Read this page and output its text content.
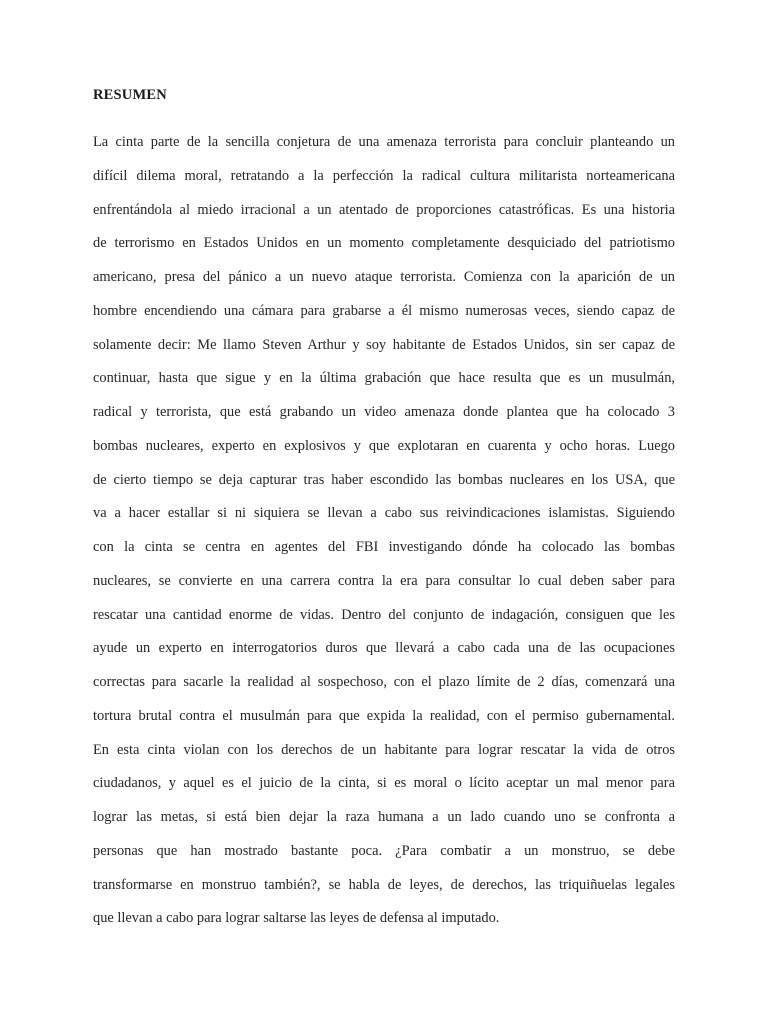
RESUMEN
La cinta parte de la sencilla conjetura de una amenaza terrorista para concluir planteando un
difícil dilema moral, retratando a la perfección la radical cultura militarista norteamericana
enfrentándola al miedo irracional a un atentado de proporciones catastróficas. Es una historia
de terrorismo en Estados Unidos en un momento completamente desquiciado del patriotismo
americano, presa del pánico a un nuevo ataque terrorista. Comienza con la aparición de un
hombre encendiendo una cámara para grabarse a él mismo numerosas veces, siendo capaz de
solamente decir: Me llamo Steven Arthur y soy habitante de Estados Unidos, sin ser capaz de
continuar, hasta que sigue y en la última grabación que hace resulta que es un musulmán,
radical y terrorista, que está grabando un video amenaza donde plantea que ha colocado 3
bombas nucleares, experto en explosivos y que explotaran en cuarenta y ocho horas. Luego
de cierto tiempo se deja capturar tras haber escondido las bombas nucleares en los USA, que
va a hacer estallar si ni siquiera se llevan a cabo sus reivindicaciones islamistas. Siguiendo
con la cinta se centra en agentes del FBI investigando dónde ha colocado las bombas
nucleares, se convierte en una carrera contra la era para consultar lo cual deben saber para
rescatar una cantidad enorme de vidas. Dentro del conjunto de indagación, consiguen que les
ayude un experto en interrogatorios duros que llevará a cabo cada una de las ocupaciones
correctas para sacarle la realidad al sospechoso, con el plazo límite de 2 días, comenzará una
tortura brutal contra el musulmán para que expida la realidad, con el permiso gubernamental.
En esta cinta violan con los derechos de un habitante para lograr rescatar la vida de otros
ciudadanos, y aquel es el juicio de la cinta, si es moral o lícito aceptar un mal menor para
lograr las metas, si está bien dejar la raza humana a un lado cuando uno se confronta a
personas que han mostrado bastante poca. ¿Para combatir a un monstruo, se debe
transformarse en monstruo también?, se habla de leyes, de derechos, las triquiñuelas legales
que llevan a cabo para lograr saltarse las leyes de defensa al imputado.
